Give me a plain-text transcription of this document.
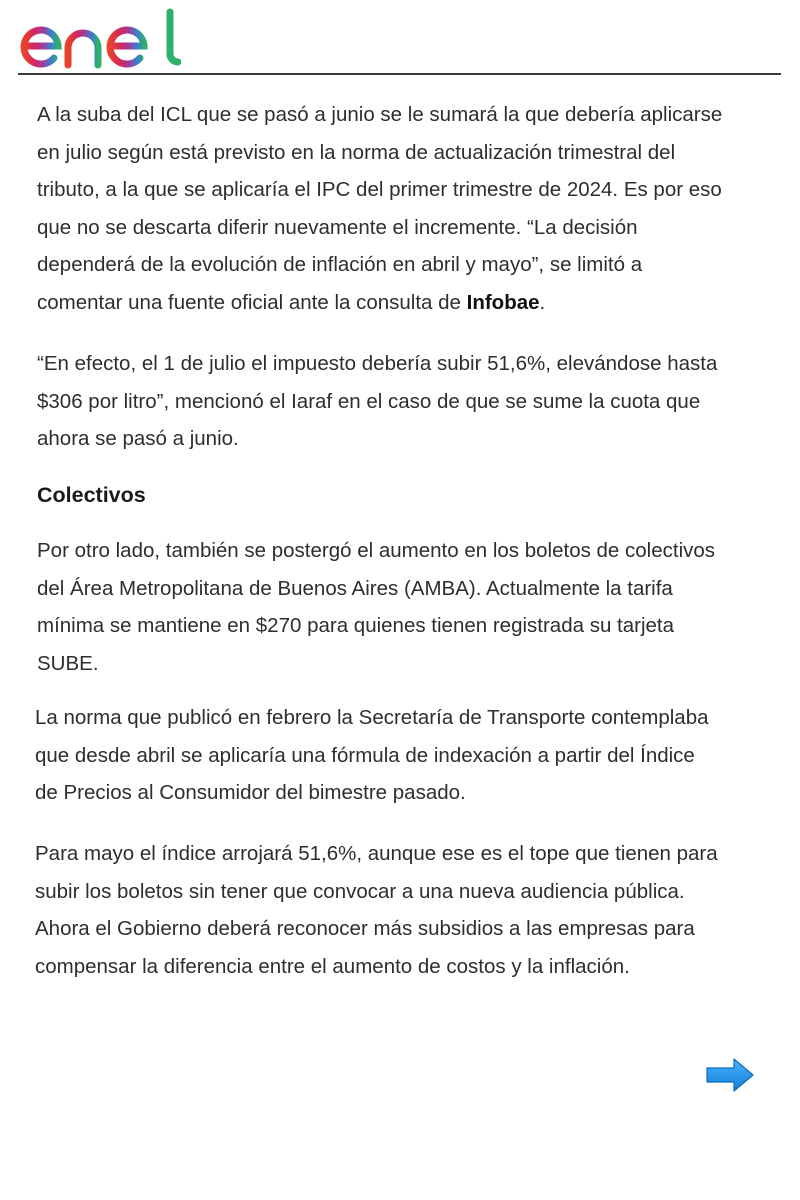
A la suba del ICL que se pasó a junio se le sumará la que debería aplicarse
en julio según está previsto en la norma de actualización trimestral del
tributo, a la que se aplicaría el IPC del primer trimestre de 2024. Es por eso
que no se descarta diferir nuevamente el incremente. “La decisión
dependerá de la evolución de inflación en abril y mayo”, se limitó a
comentar una fuente oficial ante la consulta de Infobae.

“En efecto, el 1 de julio el impuesto debería subir 51,6%, elevándose hasta
$306 por litro”, mencionó el Iaraf en el caso de que se sume la cuota que
ahora se pasó a junio.

Colectivos

Por otro lado, también se postergó el aumento en los boletos de colectivos
del Área Metropolitana de Buenos Aires (AMBA). Actualmente la tarifa
mínima se mantiene en $270 para quienes tienen registrada su tarjeta
SUBE.

La norma que publicó en febrero la Secretaría de Transporte contemplaba
que desde abril se aplicaría una fórmula de indexación a partir del Índice
de Precios al Consumidor del bimestre pasado.

Para mayo el índice arrojará 51,6%, aunque ese es el tope que tienen para
subir los boletos sin tener que convocar a una nueva audiencia pública.
Ahora el Gobierno deberá reconocer más subsidios a las empresas para
compensar la diferencia entre el aumento de costos y la inflación.
